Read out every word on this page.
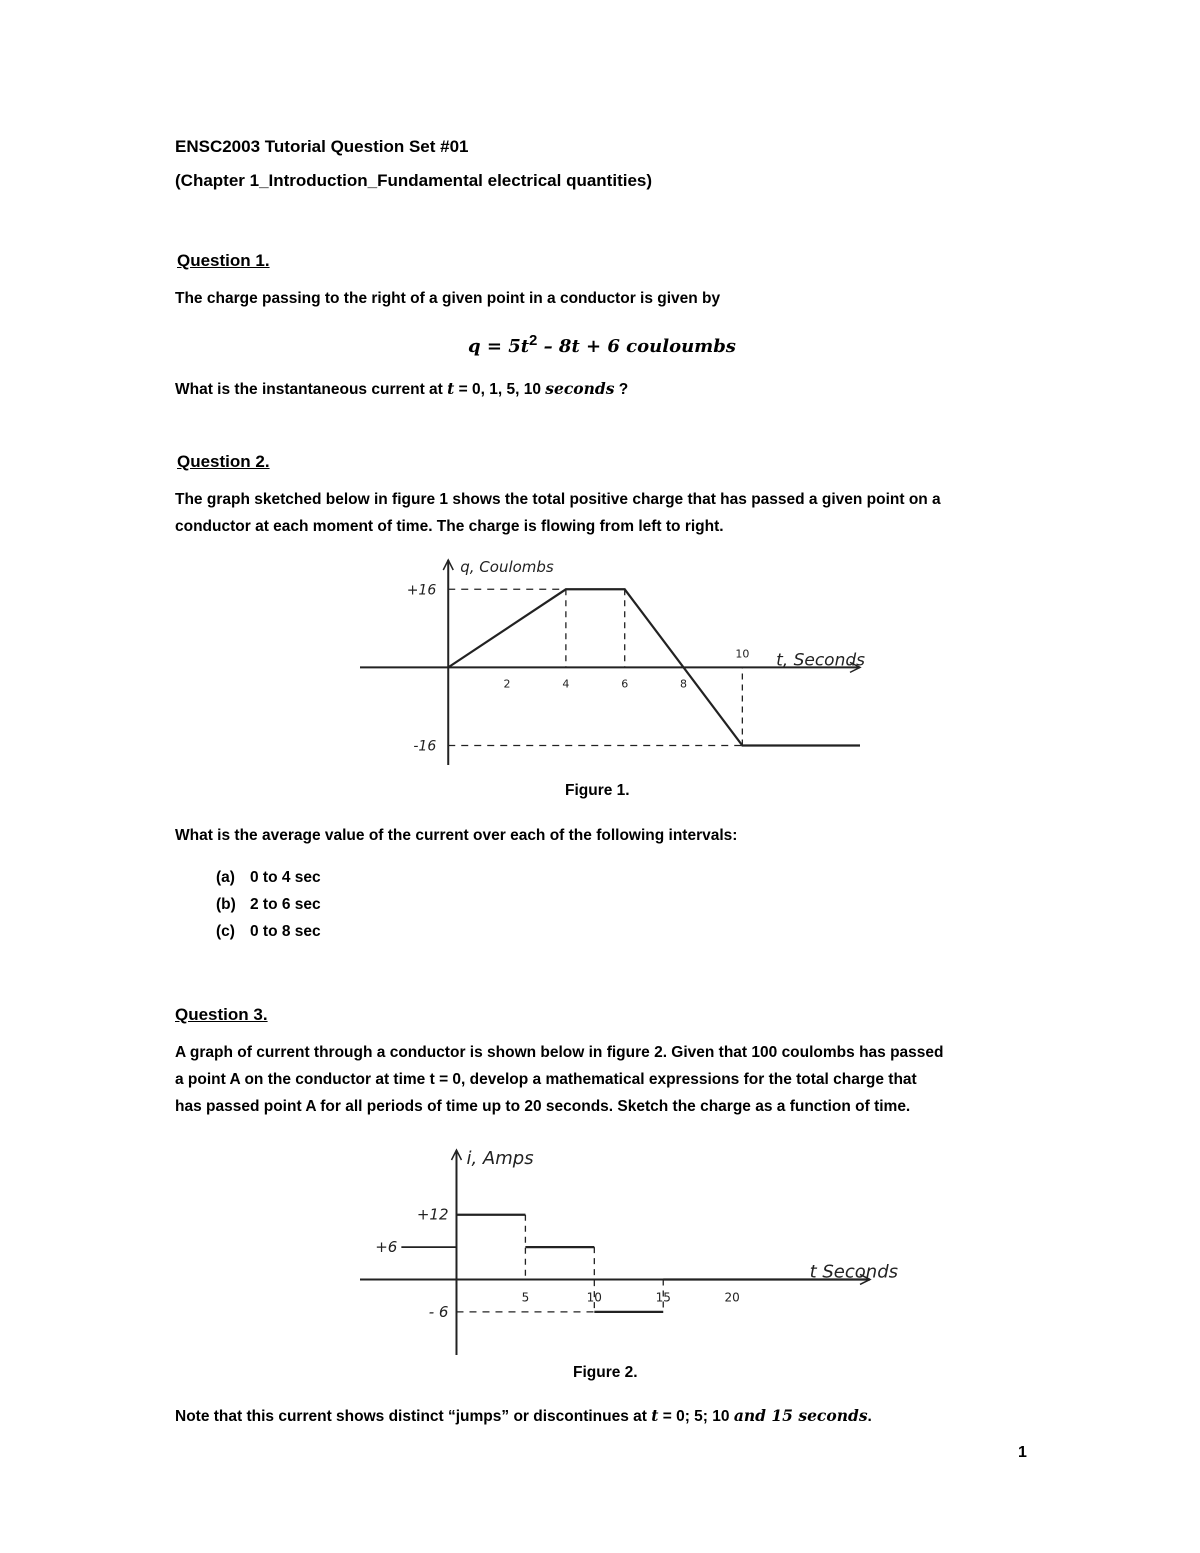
ENSC2003 Tutorial Question Set #01
(Chapter 1_Introduction_Fundamental electrical quantities)
Question 1.
The charge passing to the right of a given point in a conductor is given by
$q = 5t^2 - 8t + 6$ couloumbs
What is the instantaneous current at t = 0, 1, 5, 10 seconds ?
Question 2.
The graph sketched below in figure 1 shows the total positive charge that has passed a given point on a
conductor at each moment of time. The charge is flowing from left to right.
2	4	6	8
10
+16
-16
q, Coulombs
t, Seconds
Figure 1.
What is the average value of the current over each of the following intervals:
(a) 0 to 4 sec
(b) 2 to 6 sec
(c) 0 to 8 sec
Question 3.
A graph of current through a conductor is shown below in figure 2. Given that 100 coulombs has passed
a point A on the conductor at time t = 0, develop a mathematical expressions for the total charge that
has passed point A for all periods of time up to 20 seconds. Sketch the charge as a function of time.
5	10	15	20
+12
+6
- 6
i, Amps
t Seconds
Figure 2.
Note that this current shows distinct “jumps” or discontinues at t = 0; 5; 10 and 15 seconds.
1
